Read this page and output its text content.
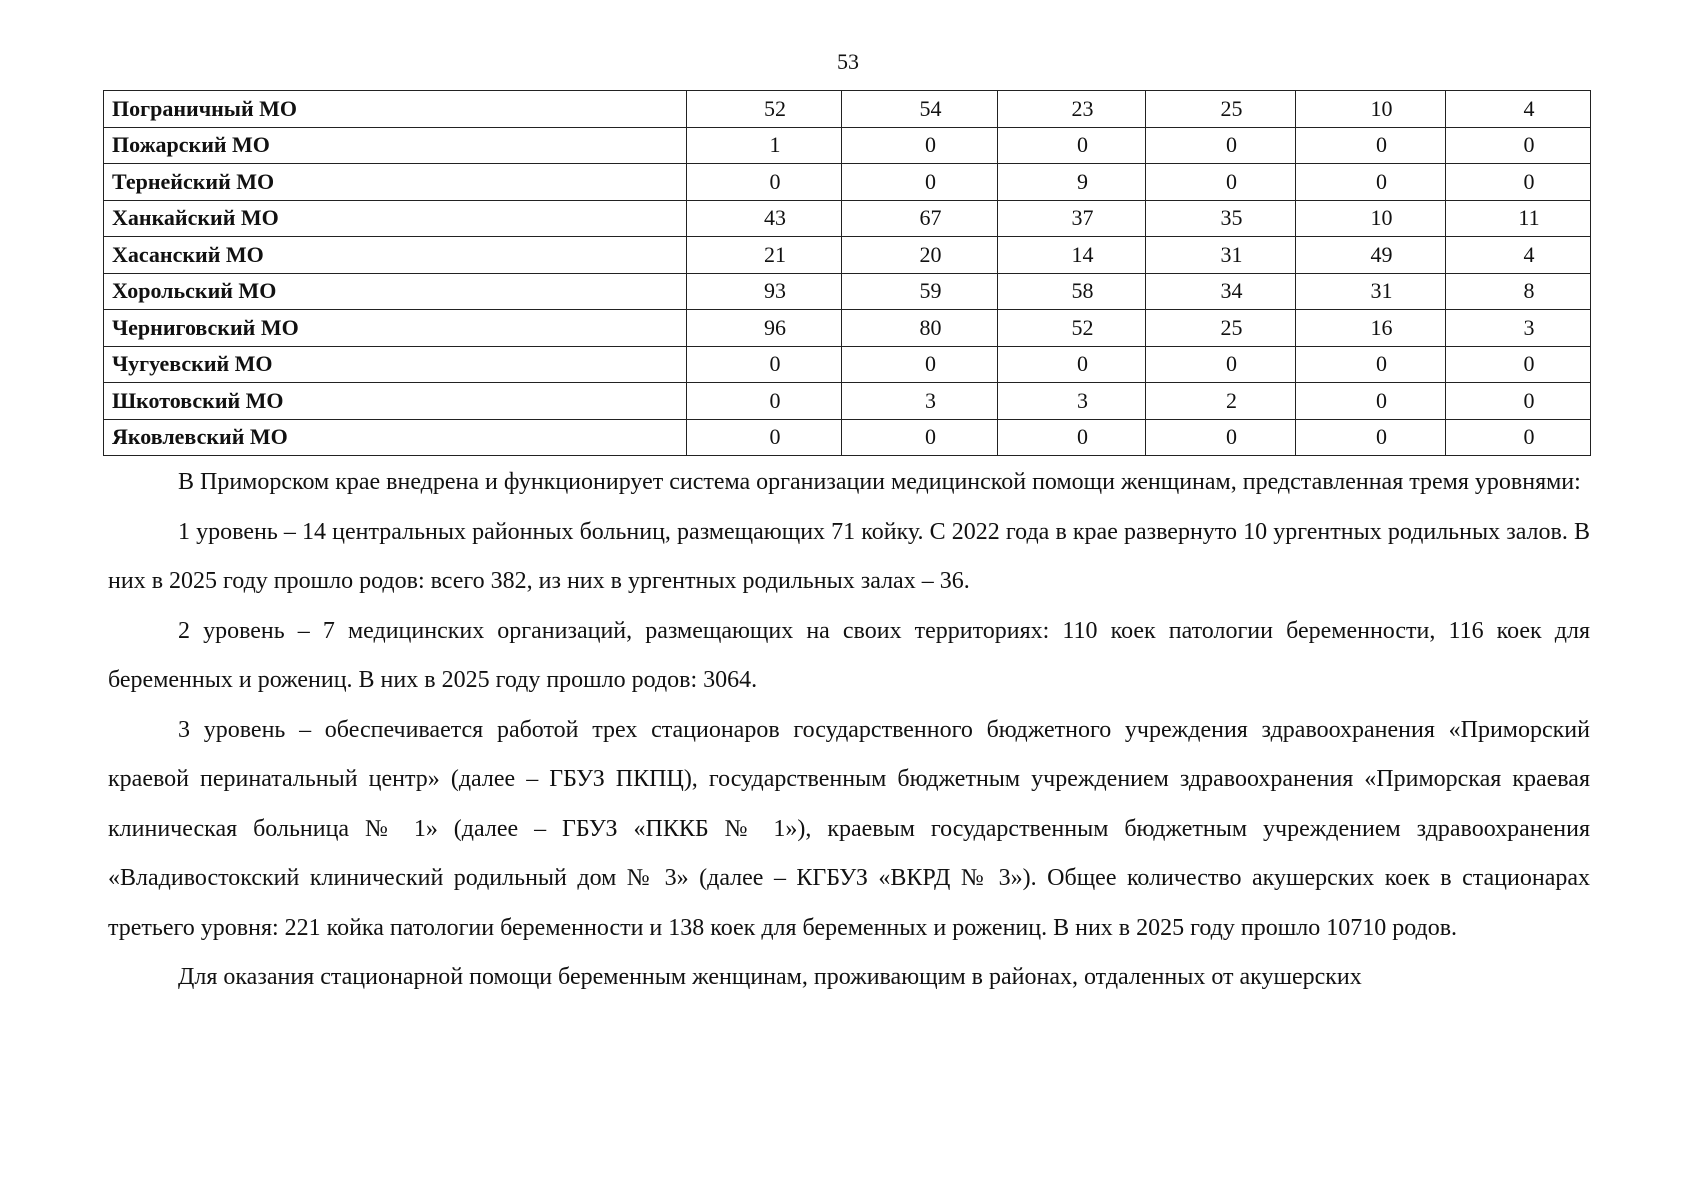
53
Пограничный МО	52	54	23	25	10	4
Пожарский МО	1	0	0	0	0	0
Тернейский МО	0	0	9	0	0	0
Ханкайский МО	43	67	37	35	10	11
Хасанский МО	21	20	14	31	49	4
Хорольский МО	93	59	58	34	31	8
Черниговский МО	96	80	52	25	16	3
Чугуевский МО	0	0	0	0	0	0
Шкотовский МО	0	3	3	2	0	0
Яковлевский МО	0	0	0	0	0	0

В Приморском крае внедрена и функционирует система организации медицинской помощи женщинам, представленная тремя уровнями:

1 уровень – 14 центральных районных больниц, размещающих 71 койку. С 2022 года в крае развернуто 10 ургентных родильных залов. В них в 2025 году прошло родов: всего 382, из них в ургентных родильных залах – 36.

2 уровень – 7 медицинских организаций, размещающих на своих территориях: 110 коек патологии беременности, 116 коек для беременных и рожениц. В них в 2025 году прошло родов: 3064.

3 уровень – обеспечивается работой трех стационаров государственного бюджетного учреждения здравоохранения «Приморский краевой перинатальный центр» (далее – ГБУЗ ПКПЦ), государственным бюджетным учреждением здравоохранения «Приморская краевая клиническая больница № 1» (далее – ГБУЗ «ПККБ № 1»), краевым государственным бюджетным учреждением здравоохранения «Владивостокский клинический родильный дом № 3» (далее – КГБУЗ «ВКРД № 3»). Общее количество акушерских коек в стационарах третьего уровня: 221 койка патологии беременности и 138 коек для беременных и рожениц. В них в 2025 году прошло 10710 родов.

Для оказания стационарной помощи беременным женщинам, проживающим в районах, отдаленных от акушерских
